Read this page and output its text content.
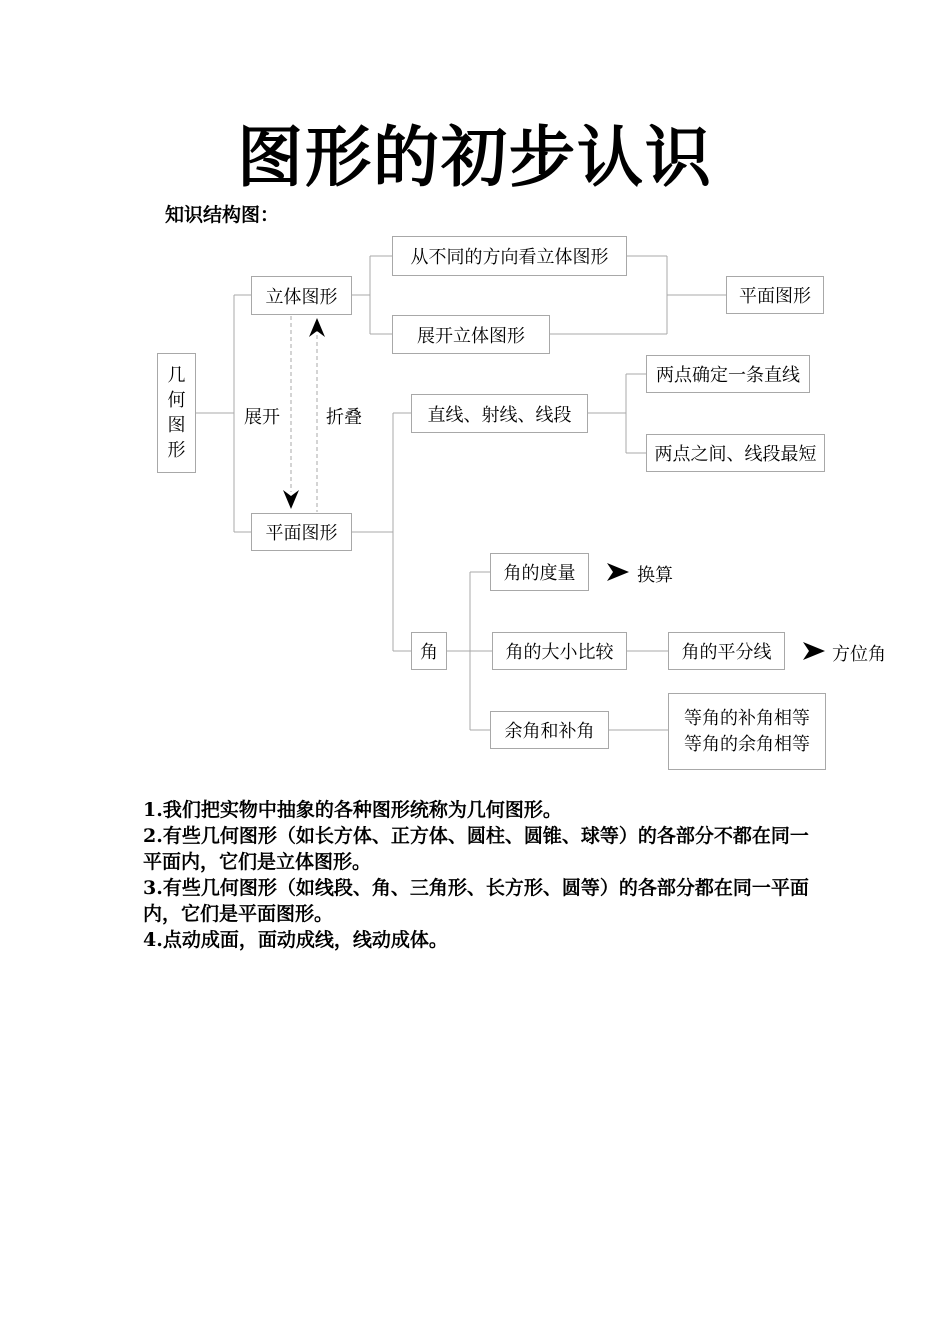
图形的初步认识
知识结构图：
几
何
图
形
立体图形
从不同的方向看立体图形
展开立体图形
平面图形
展开	折叠
平面图形
直线、射线、线段
两点确定一条直线
两点之间、线段最短
角
角的度量	换算
角的大小比较	角的平分线	方位角
余角和补角
等角的补角相等
等角的余角相等

1.我们把实物中抽象的各种图形统称为几何图形。

2.有些几何图形（如长方体、正方体、圆柱、圆锥、球等）的各部分不都在同一平面内，它们是立体图形。

3.有些几何图形（如线段、角、三角形、长方形、圆等）的各部分都在同一平面内，它们是平面图形。

4.点动成面，面动成线，线动成体。
